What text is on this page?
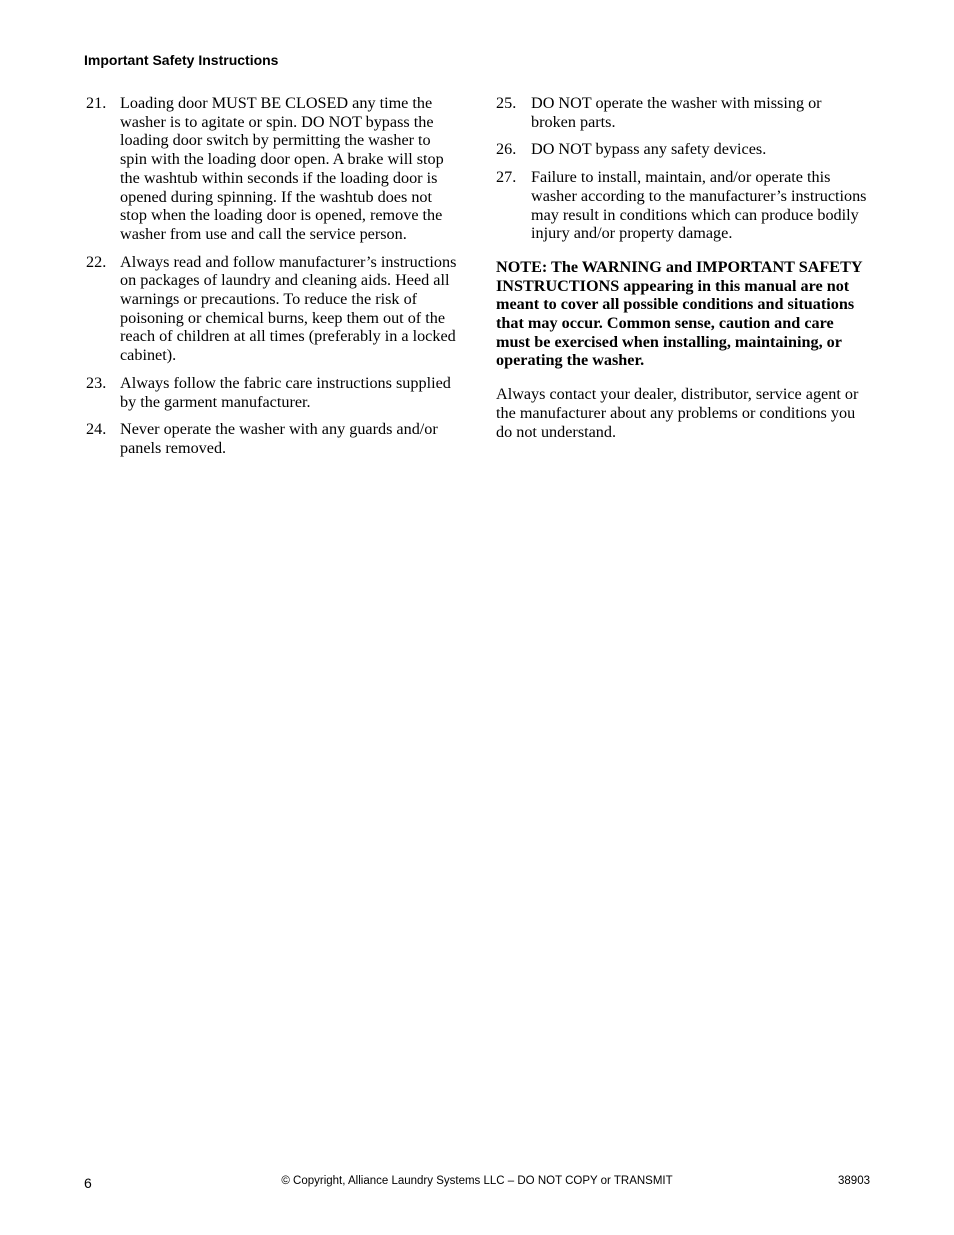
Important Safety Instructions
21. Loading door MUST BE CLOSED any time the washer is to agitate or spin. DO NOT bypass the loading door switch by permitting the washer to spin with the loading door open. A brake will stop the washtub within seconds if the loading door is opened during spinning. If the washtub does not stop when the loading door is opened, remove the washer from use and call the service person.
22. Always read and follow manufacturer’s instructions on packages of laundry and cleaning aids. Heed all warnings or precautions. To reduce the risk of poisoning or chemical burns, keep them out of the reach of children at all times (preferably in a locked cabinet).
23. Always follow the fabric care instructions supplied by the garment manufacturer.
24. Never operate the washer with any guards and/or panels removed.
25. DO NOT operate the washer with missing or broken parts.
26. DO NOT bypass any safety devices.
27. Failure to install, maintain, and/or operate this washer according to the manufacturer’s instructions may result in conditions which can produce bodily injury and/or property damage.
NOTE: The WARNING and IMPORTANT SAFETY INSTRUCTIONS appearing in this manual are not meant to cover all possible conditions and situations that may occur. Common sense, caution and care must be exercised when installing, maintaining, or operating the washer.
Always contact your dealer, distributor, service agent or the manufacturer about any problems or conditions you do not understand.
6	© Copyright, Alliance Laundry Systems LLC – DO NOT COPY or TRANSMIT	38903
